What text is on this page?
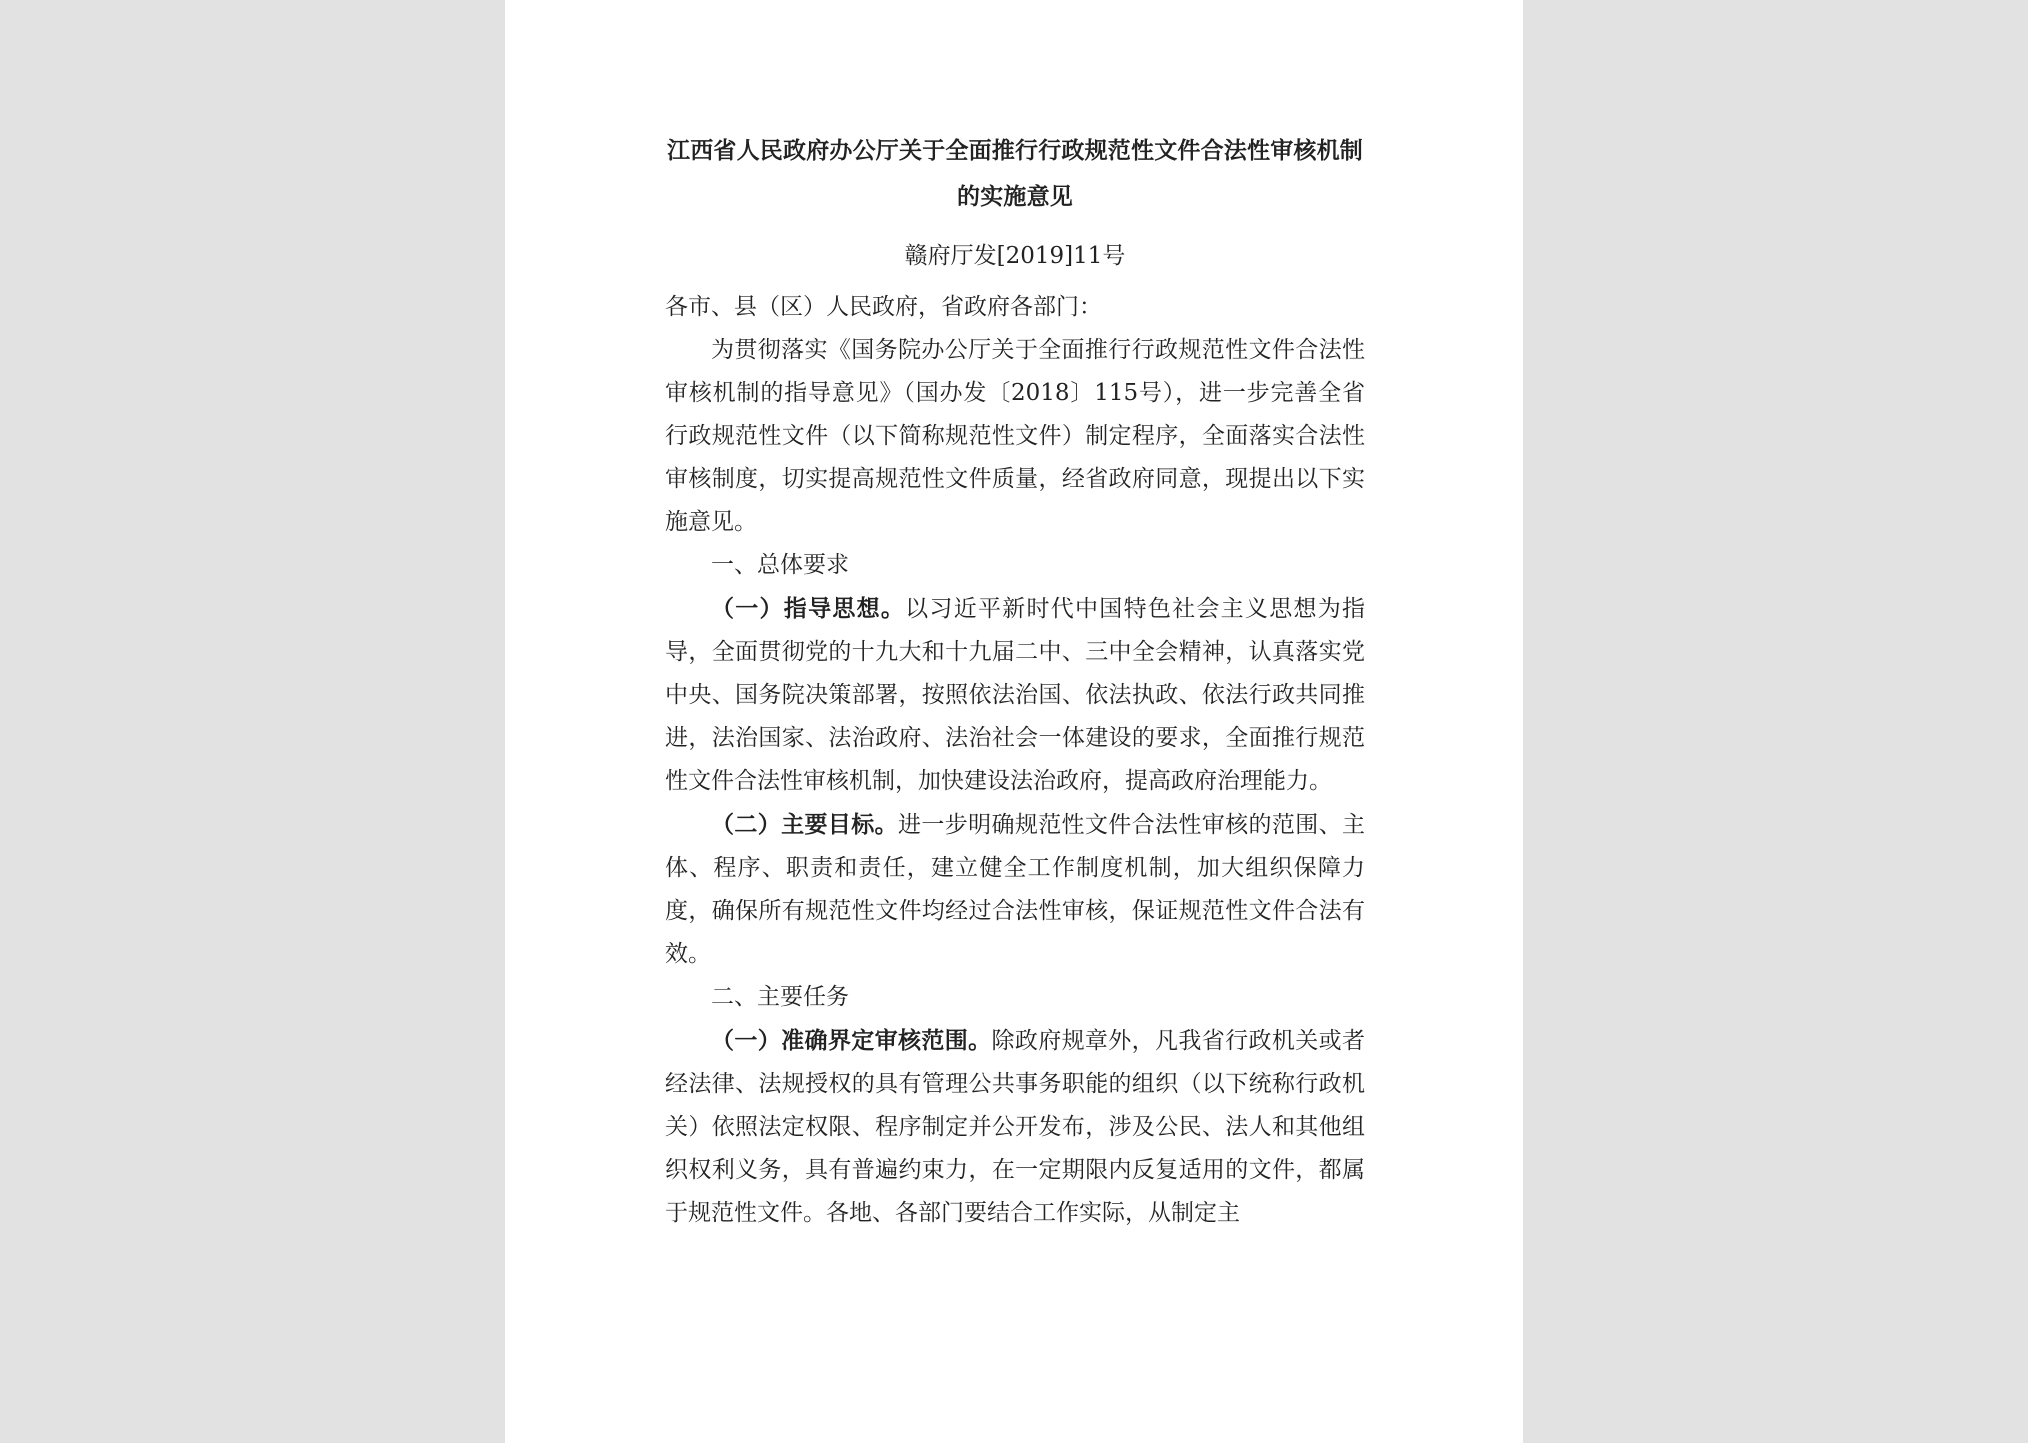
江西省人民政府办公厅关于全面推行行政规范性文件合法性审核机制的实施意见
赣府厅发[2019]11号

各市、县（区）人民政府，省政府各部门：

为贯彻落实《国务院办公厅关于全面推行行政规范性文件合法性审核机制的指导意见》（国办发〔2018〕115号），进一步完善全省行政规范性文件（以下简称规范性文件）制定程序，全面落实合法性审核制度，切实提高规范性文件质量，经省政府同意，现提出以下实施意见。

一、总体要求

（一）指导思想。以习近平新时代中国特色社会主义思想为指导，全面贯彻党的十九大和十九届二中、三中全会精神，认真落实党中央、国务院决策部署，按照依法治国、依法执政、依法行政共同推进，法治国家、法治政府、法治社会一体建设的要求，全面推行规范性文件合法性审核机制，加快建设法治政府，提高政府治理能力。

（二）主要目标。进一步明确规范性文件合法性审核的范围、主体、程序、职责和责任，建立健全工作制度机制，加大组织保障力度，确保所有规范性文件均经过合法性审核，保证规范性文件合法有效。

二、主要任务

（一）准确界定审核范围。除政府规章外，凡我省行政机关或者经法律、法规授权的具有管理公共事务职能的组织（以下统称行政机关）依照法定权限、程序制定并公开发布，涉及公民、法人和其他组织权利义务，具有普遍约束力，在一定期限内反复适用的文件，都属于规范性文件。各地、各部门要结合工作实际，从制定主
